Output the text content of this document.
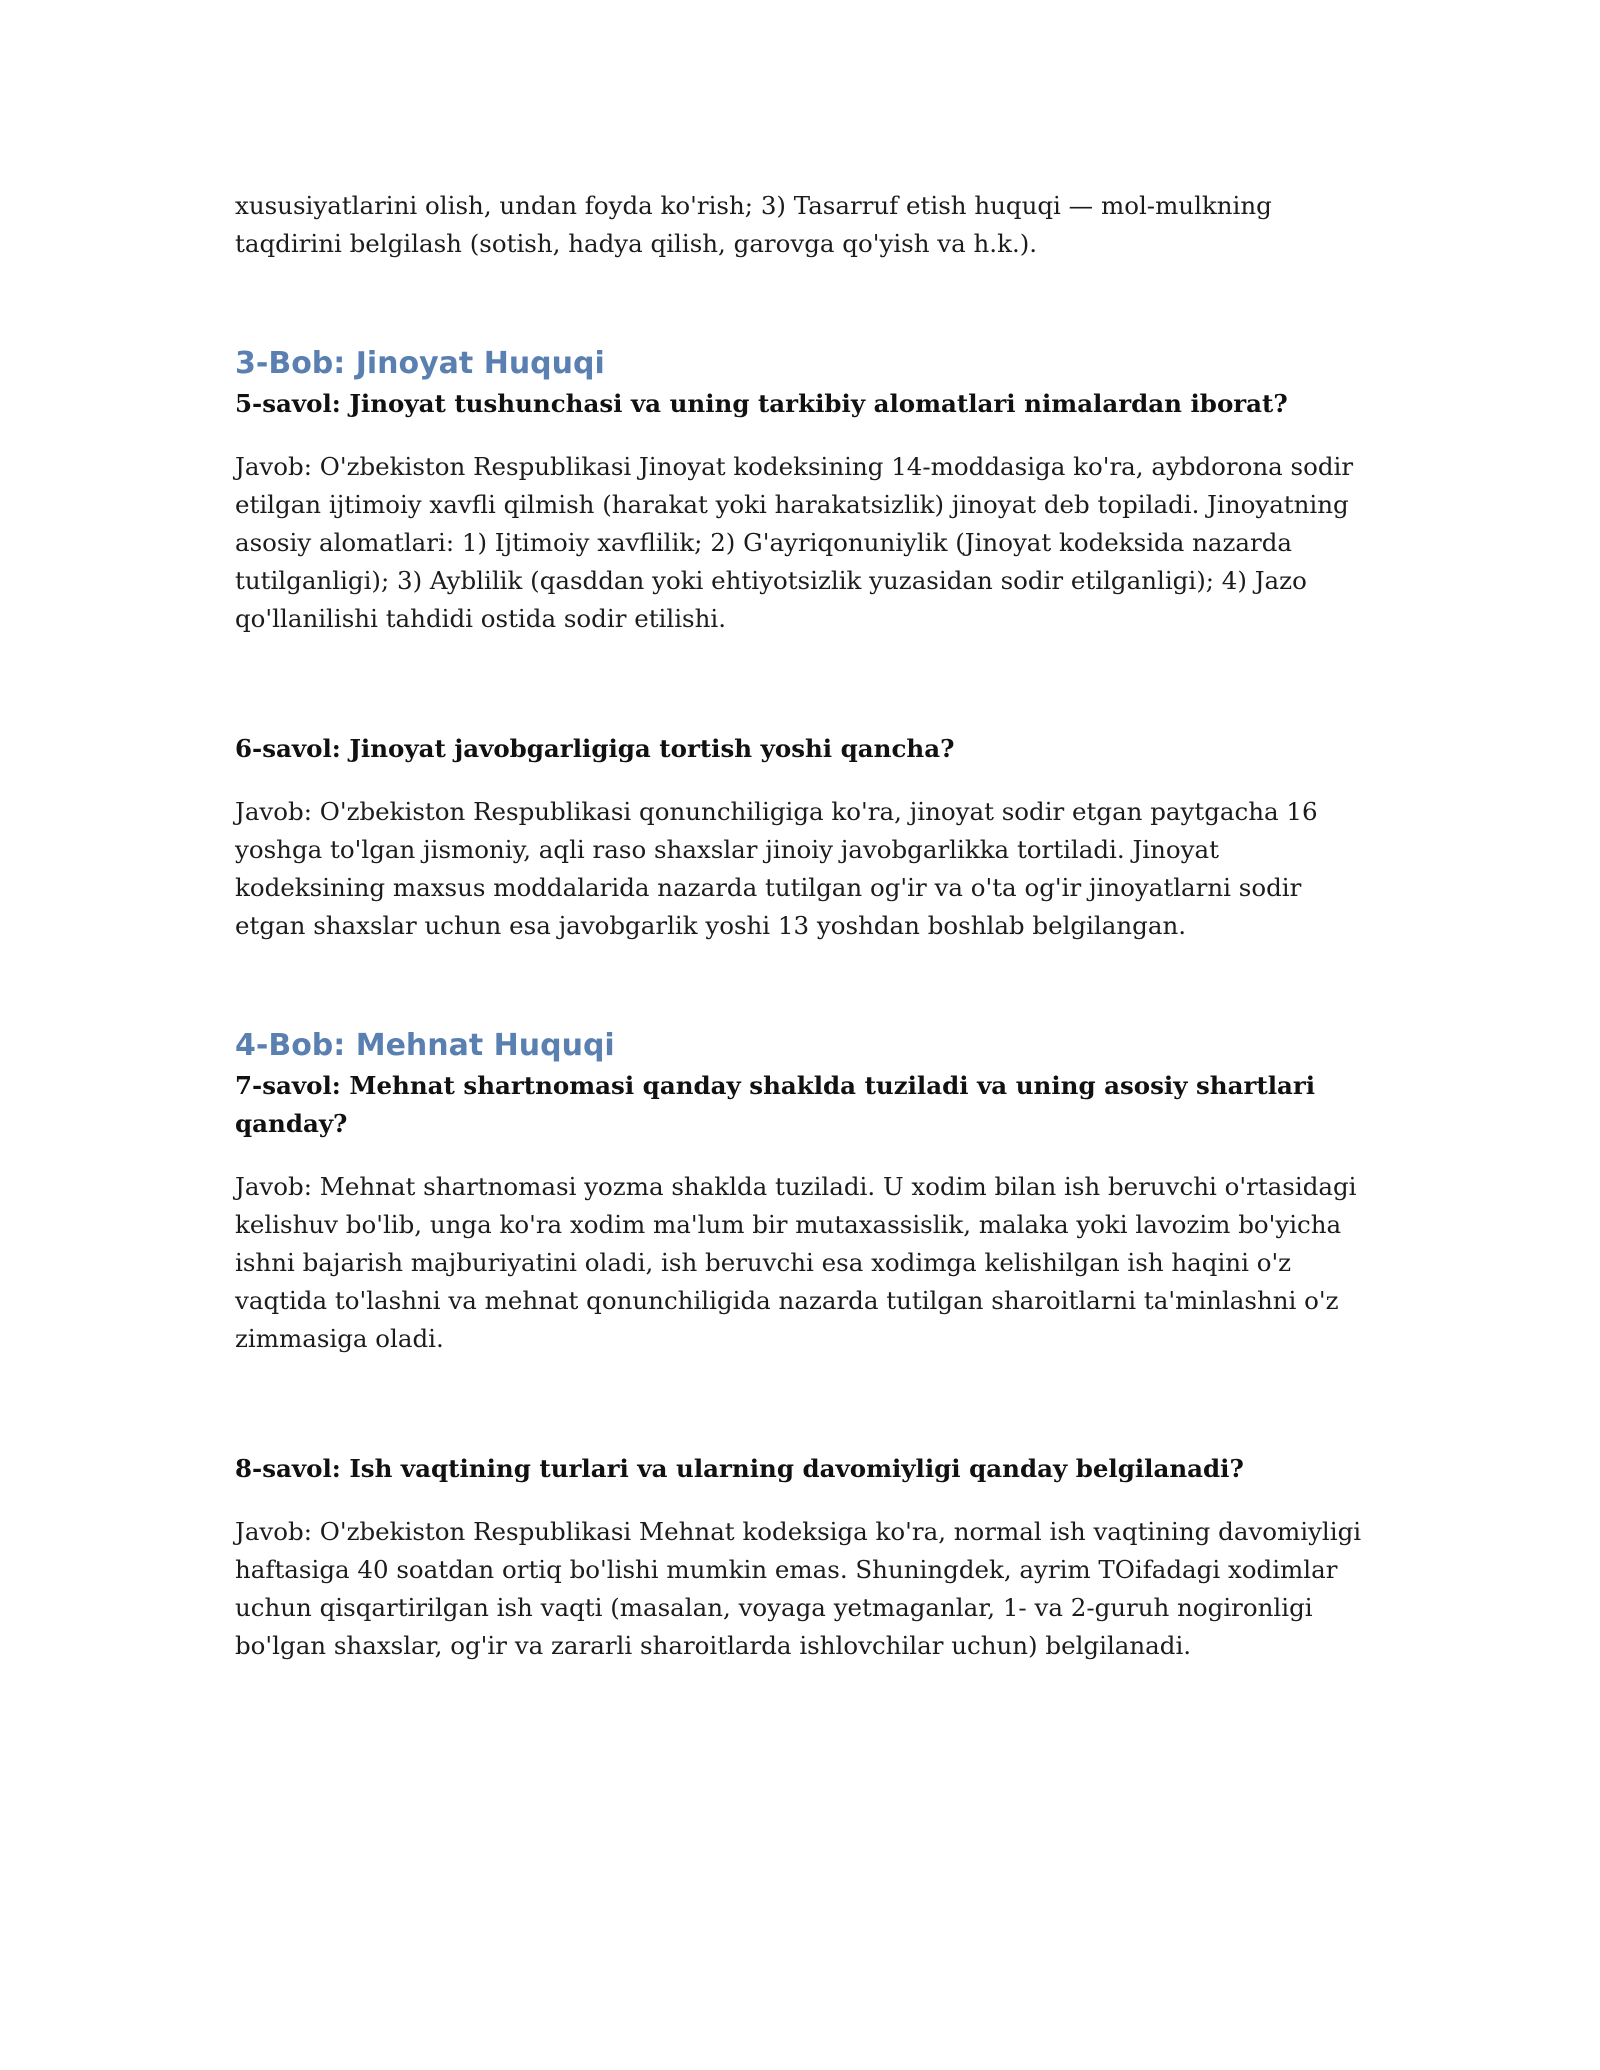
xususiyatlarini olish, undan foyda ko'rish; 3) Tasarruf etish huquqi — mol-mulkning taqdirini belgilash (sotish, hadya qilish, garovga qo'yish va h.k.).

3-Bob: Jinoyat Huquqi
5-savol: Jinoyat tushunchasi va uning tarkibiy alomatlari nimalardan iborat?

Javob: O'zbekiston Respublikasi Jinoyat kodeksining 14-moddasiga ko'ra, aybdorona sodir etilgan ijtimoiy xavfli qilmish (harakat yoki harakatsizlik) jinoyat deb topiladi. Jinoyatning asosiy alomatlari: 1) Ijtimoiy xavflilik; 2) G'ayriqonuniylik (Jinoyat kodeksida nazarda tutilganligi); 3) Ayblilik (qasddan yoki ehtiyotsizlik yuzasidan sodir etilganligi); 4) Jazo qo'llanilishi tahdidi ostida sodir etilishi.

6-savol: Jinoyat javobgarligiga tortish yoshi qancha?

Javob: O'zbekiston Respublikasi qonunchiligiga ko'ra, jinoyat sodir etgan paytgacha 16 yoshga to'lgan jismoniy, aqli raso shaxslar jinoiy javobgarlikka tortiladi. Jinoyat kodeksining maxsus moddalarida nazarda tutilgan og'ir va o'ta og'ir jinoyatlarni sodir etgan shaxslar uchun esa javobgarlik yoshi 13 yoshdan boshlab belgilangan.

4-Bob: Mehnat Huquqi
7-savol: Mehnat shartnomasi qanday shaklda tuziladi va uning asosiy shartlari qanday?

Javob: Mehnat shartnomasi yozma shaklda tuziladi. U xodim bilan ish beruvchi o'rtasidagi kelishuv bo'lib, unga ko'ra xodim ma'lum bir mutaxassislik, malaka yoki lavozim bo'yicha ishni bajarish majburiyatini oladi, ish beruvchi esa xodimga kelishilgan ish haqini o'z vaqtida to'lashni va mehnat qonunchiligida nazarda tutilgan sharoitlarni ta'minlashni o'z zimmasiga oladi.

8-savol: Ish vaqtining turlari va ularning davomiyligi qanday belgilanadi?

Javob: O'zbekiston Respublikasi Mehnat kodeksiga ko'ra, normal ish vaqtining davomiyligi haftasiga 40 soatdan ortiq bo'lishi mumkin emas. Shuningdek, ayrim TOifadagi xodimlar uchun qisqartirilgan ish vaqti (masalan, voyaga yetmaganlar, 1- va 2-guruh nogironligi bo'lgan shaxslar, og'ir va zararli sharoitlarda ishlovchilar uchun) belgilanadi.
